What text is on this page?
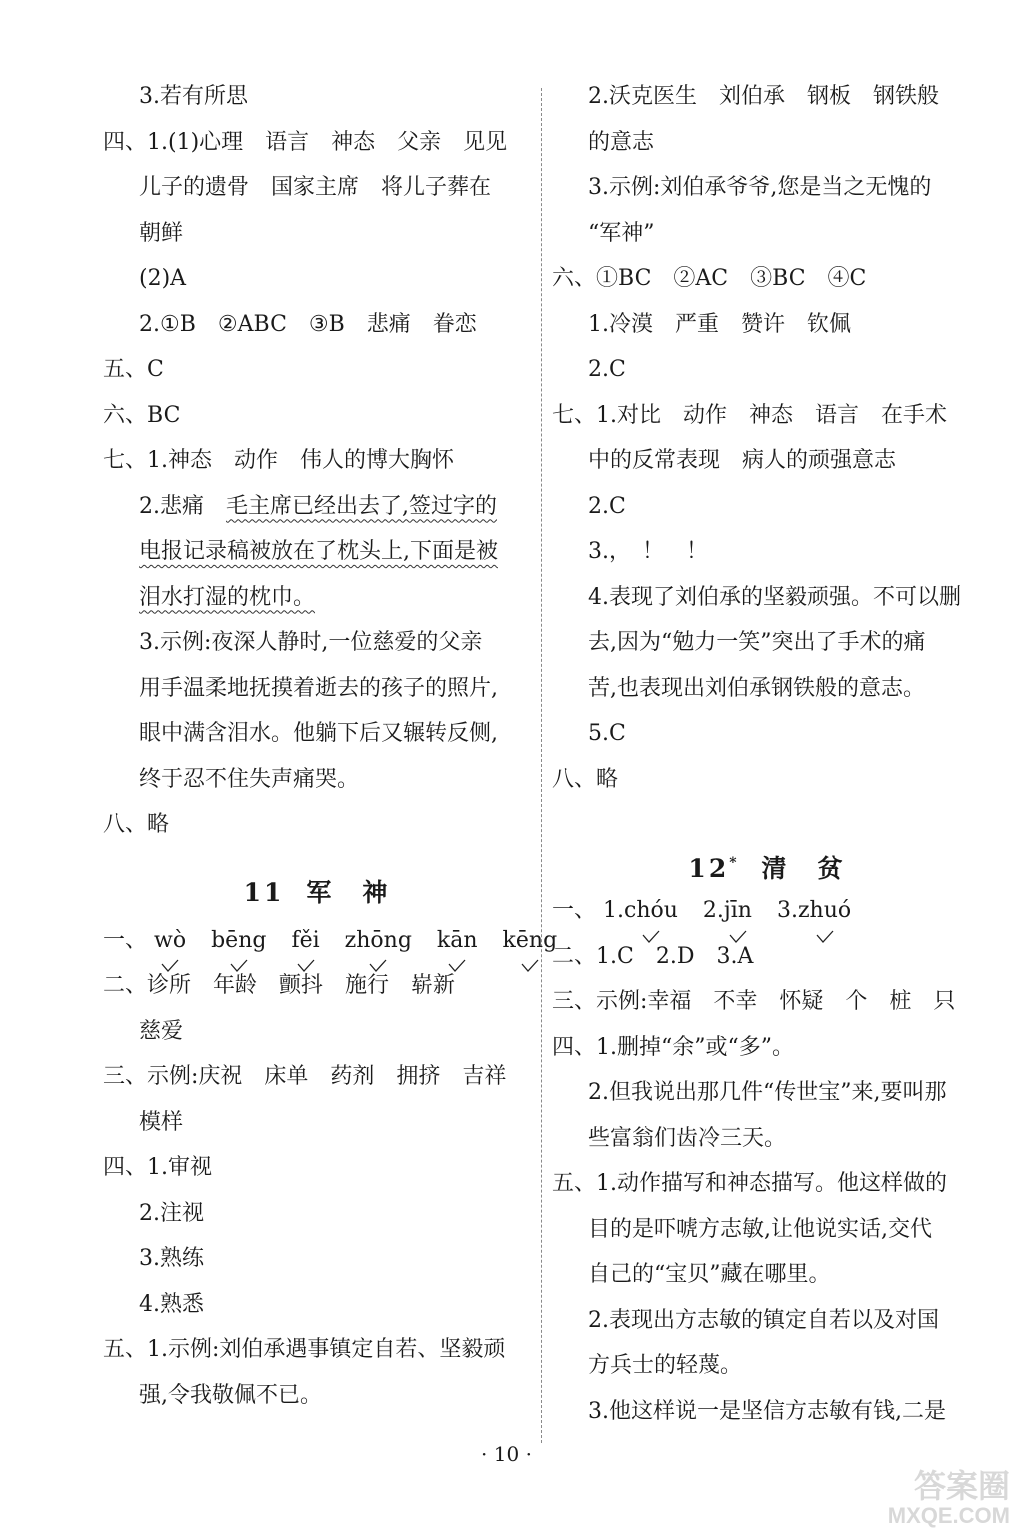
3.若有所思
四、1.(1)心理　语言　神态　父亲　见见
儿子的遗骨　国家主席　将儿子葬在
朝鲜
(2)A
2.①B　②ABC　③B　悲痛　眷恋
五、C
六、BC
七、1.神态　动作　伟人的博大胸怀
2.悲痛　毛主席已经出去了,签过字的
电报记录稿被放在了枕头上,下面是被
泪水打湿的枕巾。
3.示例:夜深人静时,一位慈爱的父亲
用手温柔地抚摸着逝去的孩子的照片,
眼中满含泪水。他躺下后又辗转反侧,
终于忍不住失声痛哭。
八、略
11 军　神
一、 wò bēng fěi zhōng kān kēng
二、诊所　年龄　颤抖　施行　崭新
慈爱
三、示例:庆祝　床单　药剂　拥挤　吉祥
模样
四、1.审视
2.注视
3.熟练
4.熟悉
五、1.示例:刘伯承遇事镇定自若、坚毅顽
强,令我敬佩不已。
2.沃克医生　刘伯承　钢板　钢铁般
的意志
3.示例:刘伯承爷爷,您是当之无愧的
“军神”
六、①BC　②AC　③BC　④C
1.冷漠　严重　赞许　钦佩
2.C
七、1.对比　动作　神态　语言　在手术
中的反常表现　病人的顽强意志
2.C
3.，　！　！
4.表现了刘伯承的坚毅顽强。不可以删
去,因为“勉力一笑”突出了手术的痛
苦,也表现出刘伯承钢铁般的意志。
5.C
八、略
12* 清　贫
一、 1.chóu 2.jīn 3.zhuó
二、1.C　2.D　3.A
三、示例:幸福　不幸　怀疑　个　桩　只
四、1.删掉“余”或“多”。
2.但我说出那几件“传世宝”来,要叫那
些富翁们齿冷三天。
五、1.动作描写和神态描写。他这样做的
目的是吓唬方志敏,让他说实话,交代
自己的“宝贝”藏在哪里。
2.表现出方志敏的镇定自若以及对国
方兵士的轻蔑。
3.他这样说一是坚信方志敏有钱,二是
· 10 ·
答案圈
MXQE.COM
